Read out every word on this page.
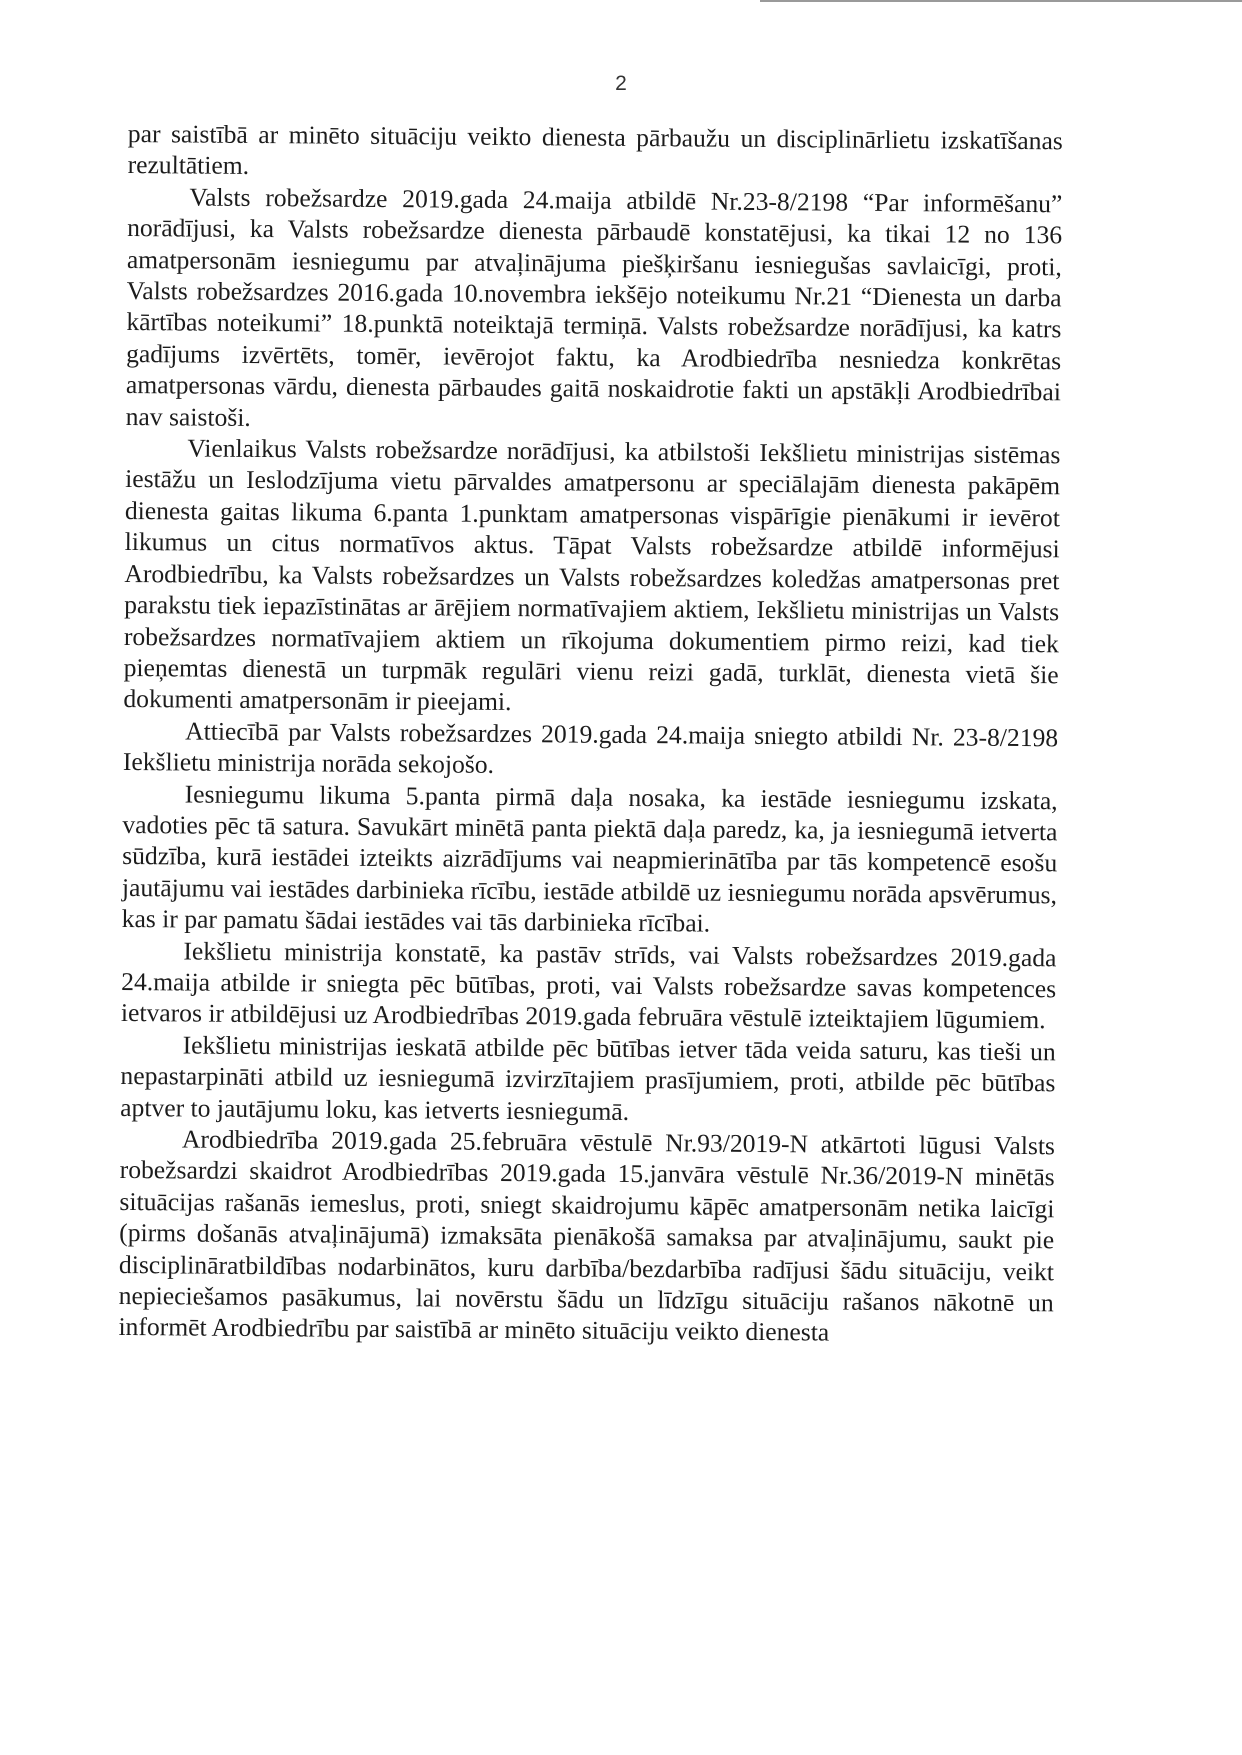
2

par saistībā ar minēto situāciju veikto dienesta pārbaužu un disciplinārlietu izskatīšanas rezultātiem.

Valsts robežsardze 2019.gada 24.maija atbildē Nr.23-8/2198 “Par informēšanu” norādījusi, ka Valsts robežsardze dienesta pārbaudē konstatējusi, ka tikai 12 no 136 amatpersonām iesniegumu par atvaļinājuma piešķiršanu iesniegušas savlaicīgi, proti, Valsts robežsardzes 2016.gada 10.novembra iekšējo noteikumu Nr.21 “Dienesta un darba kārtības noteikumi” 18.punktā noteiktajā termiņā. Valsts robežsardze norādījusi, ka katrs gadījums izvērtēts, tomēr, ievērojot faktu, ka Arodbiedrība nesniedza konkrētas amatpersonas vārdu, dienesta pārbaudes gaitā noskaidrotie fakti un apstākļi Arodbiedrībai nav saistoši.

Vienlaikus Valsts robežsardze norādījusi, ka atbilstoši Iekšlietu ministrijas sistēmas iestāžu un Ieslodzījuma vietu pārvaldes amatpersonu ar speciālajām dienesta pakāpēm dienesta gaitas likuma 6.panta 1.punktam amatpersonas vispārīgie pienākumi ir ievērot likumus un citus normatīvos aktus. Tāpat Valsts robežsardze atbildē informējusi Arodbiedrību, ka Valsts robežsardzes un Valsts robežsardzes koledžas amatpersonas pret parakstu tiek iepazīstinātas ar ārējiem normatīvajiem aktiem, Iekšlietu ministrijas un Valsts robežsardzes normatīvajiem aktiem un rīkojuma dokumentiem pirmo reizi, kad tiek pieņemtas dienestā un turpmāk regulāri vienu reizi gadā, turklāt, dienesta vietā šie dokumenti amatpersonām ir pieejami.

Attiecībā par Valsts robežsardzes 2019.gada 24.maija sniegto atbildi Nr. 23-8/2198 Iekšlietu ministrija norāda sekojošo.

Iesniegumu likuma 5.panta pirmā daļa nosaka, ka iestāde iesniegumu izskata, vadoties pēc tā satura. Savukārt minētā panta piektā daļa paredz, ka, ja iesniegumā ietverta sūdzība, kurā iestādei izteikts aizrādījums vai neapmierinātība par tās kompetencē esošu jautājumu vai iestādes darbinieka rīcību, iestāde atbildē uz iesniegumu norāda apsvērumus, kas ir par pamatu šādai iestādes vai tās darbinieka rīcībai.

Iekšlietu ministrija konstatē, ka pastāv strīds, vai Valsts robežsardzes 2019.gada 24.maija atbilde ir sniegta pēc būtības, proti, vai Valsts robežsardze savas kompetences ietvaros ir atbildējusi uz Arodbiedrības 2019.gada februāra vēstulē izteiktajiem lūgumiem.

Iekšlietu ministrijas ieskatā atbilde pēc būtības ietver tāda veida saturu, kas tieši un nepastarpināti atbild uz iesniegumā izvirzītajiem prasījumiem, proti, atbilde pēc būtības aptver to jautājumu loku, kas ietverts iesniegumā.

Arodbiedrība 2019.gada 25.februāra vēstulē Nr.93/2019-N atkārtoti lūgusi Valsts robežsardzi skaidrot Arodbiedrības 2019.gada 15.janvāra vēstulē Nr.36/2019-N minētās situācijas rašanās iemeslus, proti, sniegt skaidrojumu kāpēc amatpersonām netika laicīgi (pirms došanās atvaļinājumā) izmaksāta pienākošā samaksa par atvaļinājumu, saukt pie disciplināratbildības nodarbinātos, kuru darbība/bezdarbība radījusi šādu situāciju, veikt nepieciešamos pasākumus, lai novērstu šādu un līdzīgu situāciju rašanos nākotnē un informēt Arodbiedrību par saistībā ar minēto situāciju veikto dienesta
